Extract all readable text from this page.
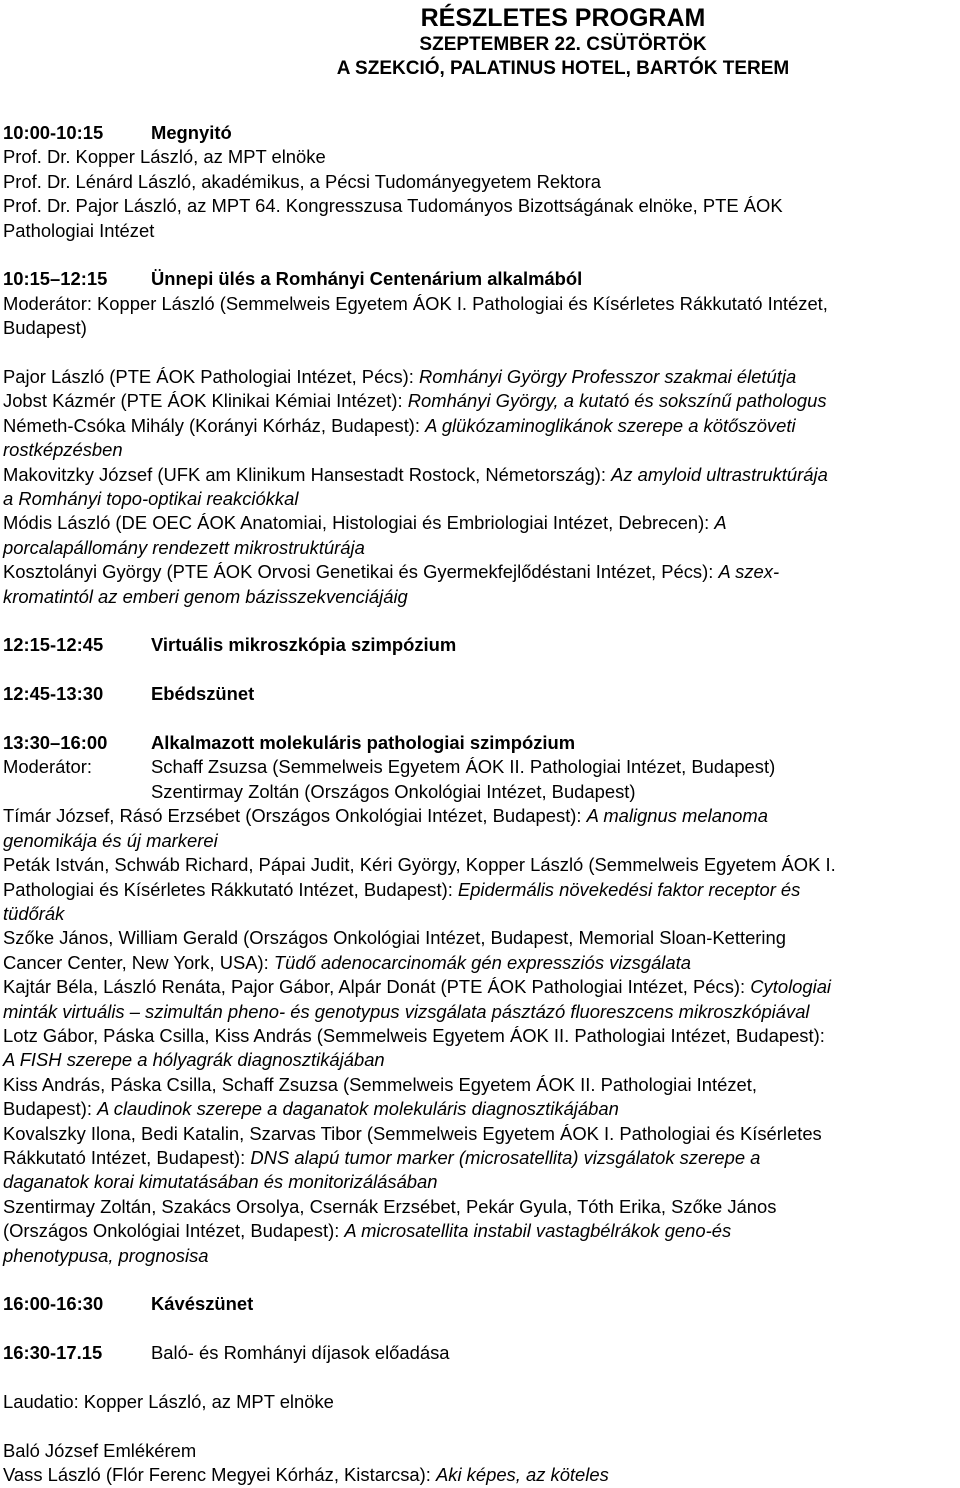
RÉSZLETES PROGRAM
SZEPTEMBER 22. CSÜTÖRTÖK
A SZEKCIÓ, PALATINUS HOTEL, BARTÓK TEREM
10:00-10:15	Megnyitó
Prof. Dr. Kopper László, az MPT elnöke
Prof. Dr. Lénárd László, akadémikus, a Pécsi Tudományegyetem Rektora
Prof. Dr. Pajor László, az MPT 64. Kongresszusa Tudományos Bizottságának elnöke, PTE ÁOK
Pathologiai Intézet
10:15–12:15	Ünnepi ülés a Romhányi Centenárium alkalmából
Moderátor: Kopper László (Semmelweis Egyetem ÁOK I. Pathologiai és Kísérletes Rákkutató Intézet,
Budapest)
Pajor László (PTE ÁOK Pathologiai Intézet, Pécs): Romhányi György Professzor szakmai életútja
Jobst Kázmér (PTE ÁOK Klinikai Kémiai Intézet): Romhányi György, a kutató és sokszínű pathologus
Németh-Csóka Mihály (Korányi Kórház, Budapest): A glükózaminoglikánok szerepe a kötőszöveti
rostképzésben
Makovitzky József (UFK am Klinikum Hansestadt Rostock, Németország): Az amyloid ultrastruktúrája
a Romhányi topo-optikai reakciókkal
Módis László (DE OEC ÁOK Anatomiai, Histologiai és Embriologiai Intézet, Debrecen): A
porcalapállomány rendezett mikrostruktúrája
Kosztolányi György (PTE ÁOK Orvosi Genetikai és Gyermekfejlődéstani Intézet, Pécs): A szex-
kromatintól az emberi genom bázisszekvenciájáig
12:15-12:45	Virtuális mikroszkópia szimpózium
12:45-13:30	Ebédszünet
13:30–16:00	Alkalmazott molekuláris pathologiai szimpózium
Moderátor:	Schaff Zsuzsa (Semmelweis Egyetem ÁOK II. Pathologiai Intézet, Budapest)
Szentirmay Zoltán (Országos Onkológiai Intézet, Budapest)
Tímár József, Rásó Erzsébet (Országos Onkológiai Intézet, Budapest): A malignus melanoma
genomikája és új markerei
Peták István, Schwáb Richard, Pápai Judit, Kéri György, Kopper László (Semmelweis Egyetem ÁOK I.
Pathologiai és Kísérletes Rákkutató Intézet, Budapest): Epidermális növekedési faktor receptor és
tüdőrák
Szőke János, William Gerald (Országos Onkológiai Intézet, Budapest, Memorial Sloan-Kettering
Cancer Center, New York, USA): Tüdő adenocarcinomák gén expressziós vizsgálata
Kajtár Béla, László Renáta, Pajor Gábor, Alpár Donát (PTE ÁOK Pathologiai Intézet, Pécs): Cytologiai
minták virtuális – szimultán pheno- és genotypus vizsgálata pásztázó fluoreszcens mikroszkópiával
Lotz Gábor, Páska Csilla, Kiss András (Semmelweis Egyetem ÁOK II. Pathologiai Intézet, Budapest):
A FISH szerepe a hólyagrák diagnosztikájában
Kiss András, Páska Csilla, Schaff Zsuzsa (Semmelweis Egyetem ÁOK II. Pathologiai Intézet,
Budapest): A claudinok szerepe a daganatok molekuláris diagnosztikájában
Kovalszky Ilona, Bedi Katalin, Szarvas Tibor (Semmelweis Egyetem ÁOK I. Pathologiai és Kísérletes
Rákkutató Intézet, Budapest): DNS alapú tumor marker (microsatellita) vizsgálatok szerepe a
daganatok korai kimutatásában és monitorizálásában
Szentirmay Zoltán, Szakács Orsolya, Csernák Erzsébet, Pekár Gyula, Tóth Erika, Szőke János
(Országos Onkológiai Intézet, Budapest): A microsatellita instabil vastagbélrákok geno-és
phenotypusa, prognosisa
16:00-16:30	Kávészünet
16:30-17.15	Baló- és Romhányi díjasok előadása
Laudatio: Kopper László, az MPT elnöke
Baló József Emlékérem
Vass László (Flór Ferenc Megyei Kórház, Kistarcsa): Aki képes, az köteles
